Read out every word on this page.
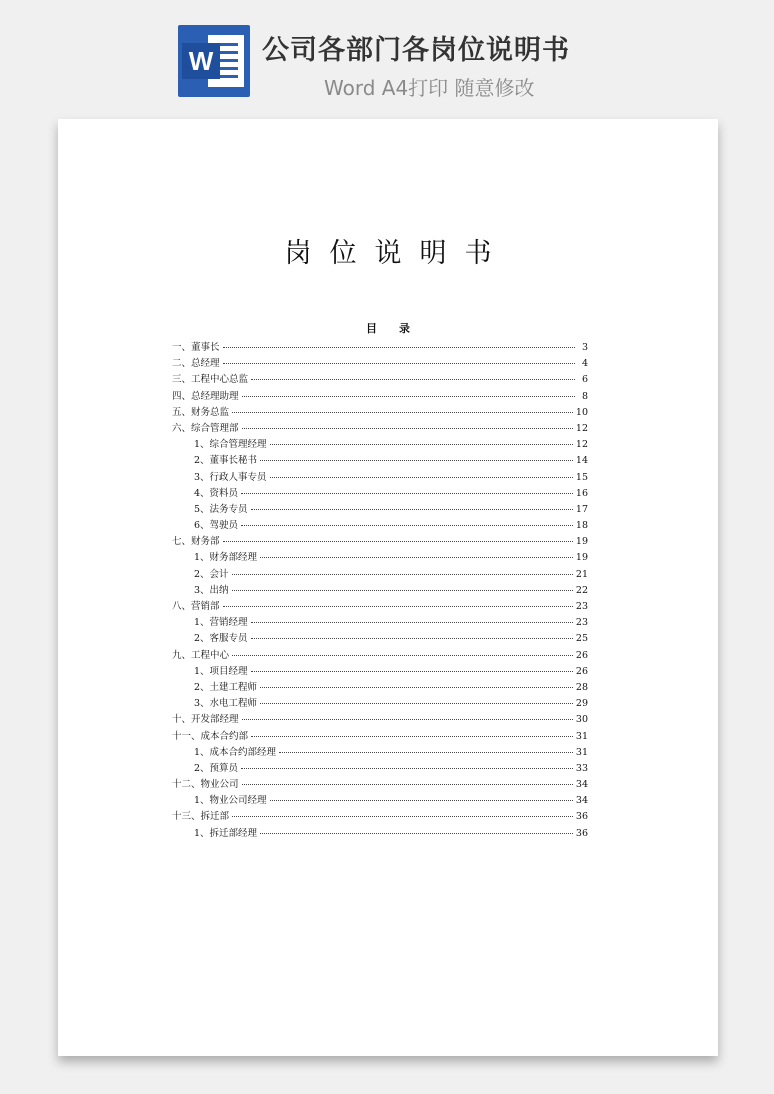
W 公司各部门各岗位说明书
Word A4打印 随意修改
岗位说明书
目录
一、董事长	3
二、总经理	4
三、工程中心总监	6
四、总经理助理	8
五、财务总监	10
六、综合管理部	12
1、综合管理经理	12
2、董事长秘书	14
3、行政人事专员	15
4、资料员	16
5、法务专员	17
6、驾驶员	18
七、财务部	19
1、财务部经理	19
2、会计	21
3、出纳	22
八、营销部	23
1、营销经理	23
2、客服专员	25
九、工程中心	26
1、项目经理	26
2、土建工程师	28
3、水电工程师	29
十、开发部经理	30
十一、成本合约部	31
1、成本合约部经理	31
2、预算员	33
十二、物业公司	34
1、物业公司经理	34
十三、拆迁部	36
1、拆迁部经理	36
